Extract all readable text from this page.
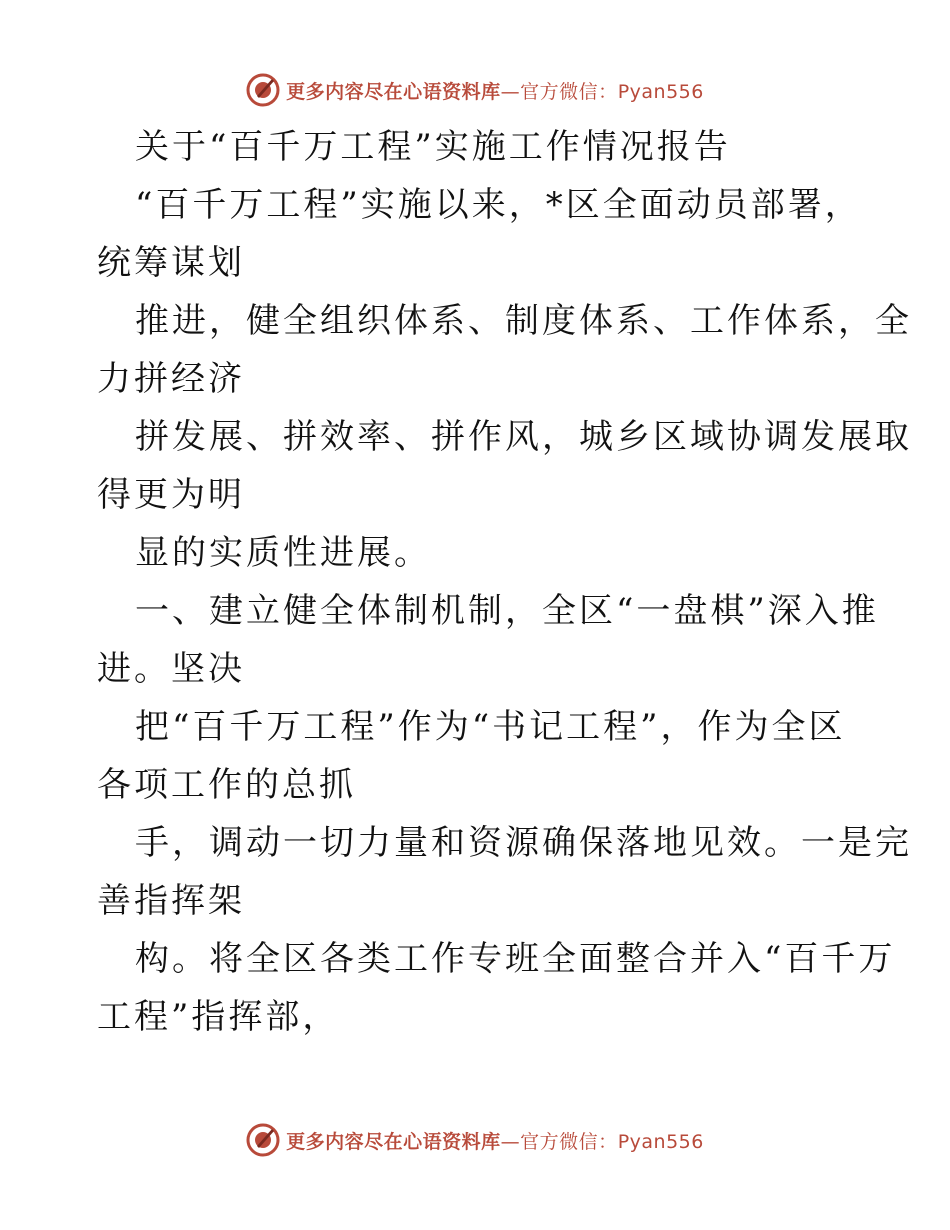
更多内容尽在心语资料库—官方微信：Pyan556
关于“百千万工程”实施工作情况报告
“百千万工程”实施以来，*区全面动员部署，
统筹谋划
推进，健全组织体系、制度体系、工作体系，全
力拼经济
拼发展、拼效率、拼作风，城乡区域协调发展取
得更为明
显的实质性进展。
一、建立健全体制机制，全区“一盘棋”深入推
进。坚决
把“百千万工程”作为“书记工程”，作为全区
各项工作的总抓
手，调动一切力量和资源确保落地见效。一是完
善指挥架
构。将全区各类工作专班全面整合并入“百千万
工程”指挥部，
更多内容尽在心语资料库—官方微信：Pyan556
